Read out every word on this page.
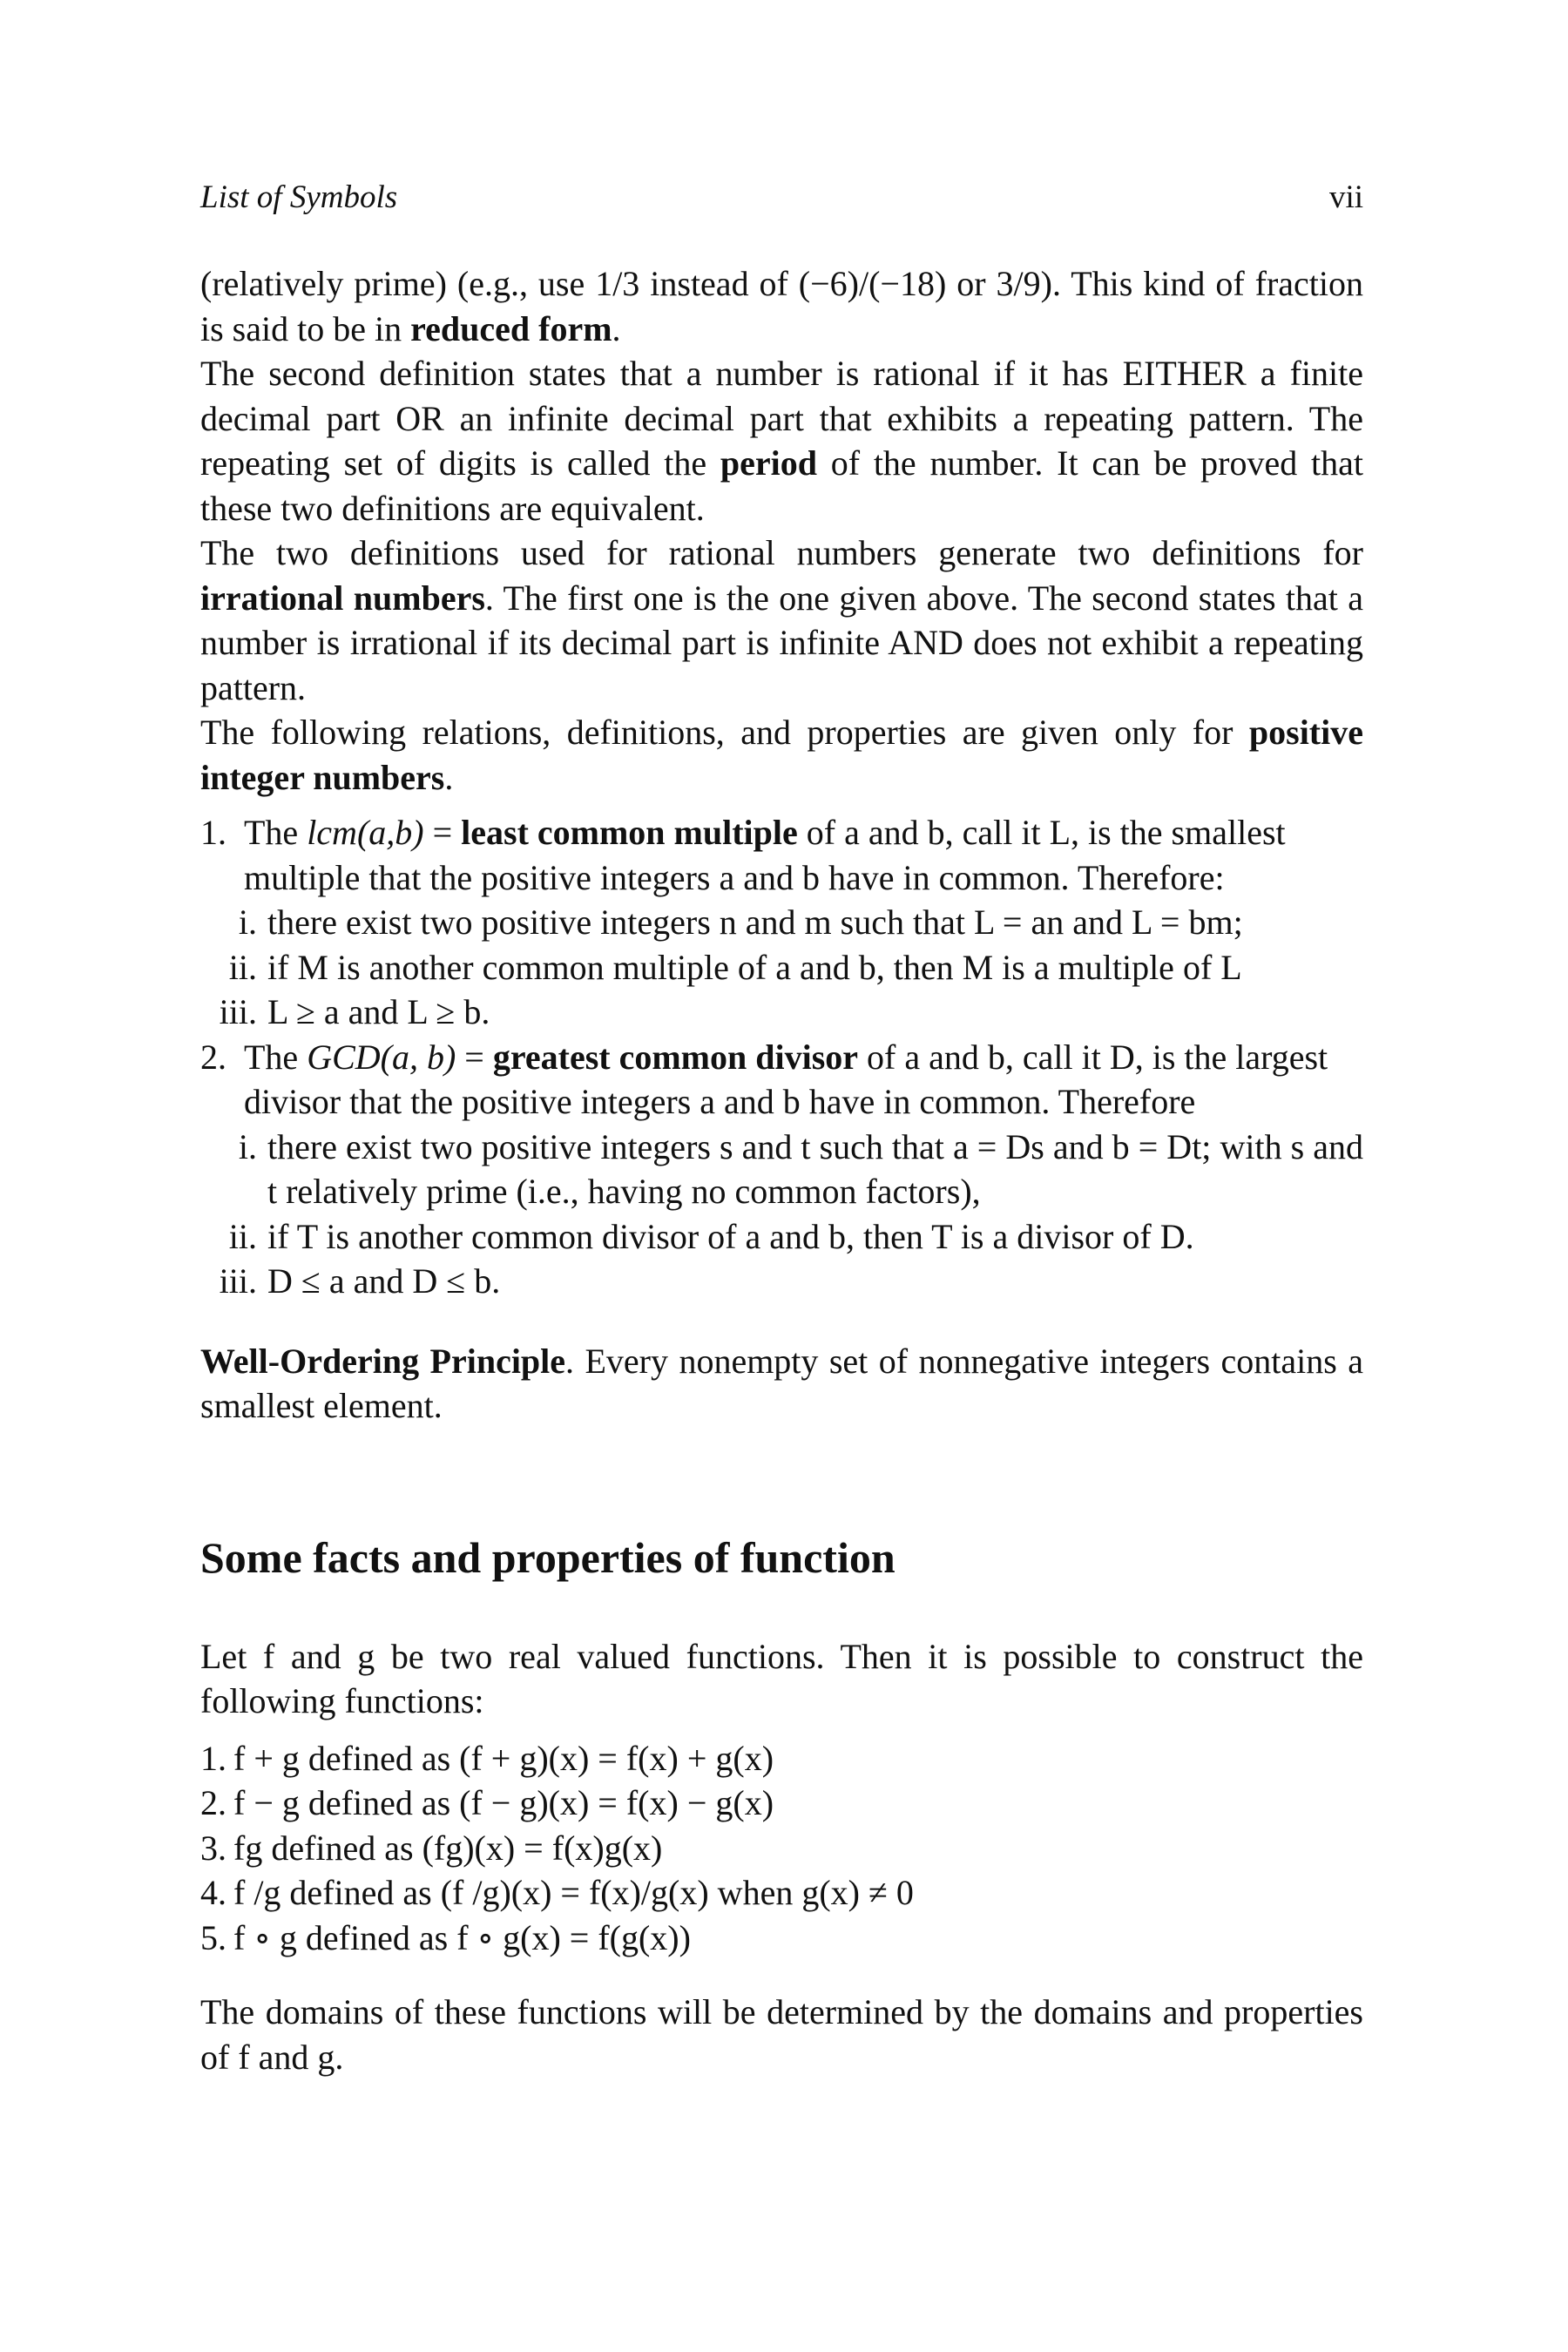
List of Symbols	vii

(relatively prime) (e.g., use 1/3 instead of (−6)/(−18) or 3/9). This kind of fraction is said to be in reduced form.

The second definition states that a number is rational if it has EITHER a finite decimal part OR an infinite decimal part that exhibits a repeating pattern. The repeating set of digits is called the period of the number. It can be proved that these two definitions are equivalent.

The two definitions used for rational numbers generate two definitions for irrational numbers. The first one is the one given above. The second states that a number is irrational if its decimal part is infinite AND does not exhibit a repeating pattern.

The following relations, definitions, and properties are given only for positive integer numbers.

1. The lcm(a,b) = least common multiple of a and b, call it L, is the smallest multiple that the positive integers a and b have in common. Therefore:
i. there exist two positive integers n and m such that L = an and L = bm;
ii. if M is another common multiple of a and b, then M is a multiple of L
iii. L ≥ a and L ≥ b.
2. The GCD(a, b) = greatest common divisor of a and b, call it D, is the largest divisor that the positive integers a and b have in common. Therefore
i. there exist two positive integers s and t such that a = Ds and b = Dt; with s and t relatively prime (i.e., having no common factors),
ii. if T is another common divisor of a and b, then T is a divisor of D.
iii. D ≤ a and D ≤ b.

Well-Ordering Principle. Every nonempty set of nonnegative integers contains a smallest element.

Some facts and properties of function

Let f and g be two real valued functions. Then it is possible to construct the following functions:

1. f + g defined as (f + g)(x) = f(x) + g(x)
2. f − g defined as (f − g)(x) = f(x) − g(x)
3. fg defined as (fg)(x) = f(x)g(x)
4. f /g defined as (f /g)(x) = f(x)/g(x) when g(x) ≠ 0
5. f ∘ g defined as f ∘ g(x) = f(g(x))

The domains of these functions will be determined by the domains and properties of f and g.
